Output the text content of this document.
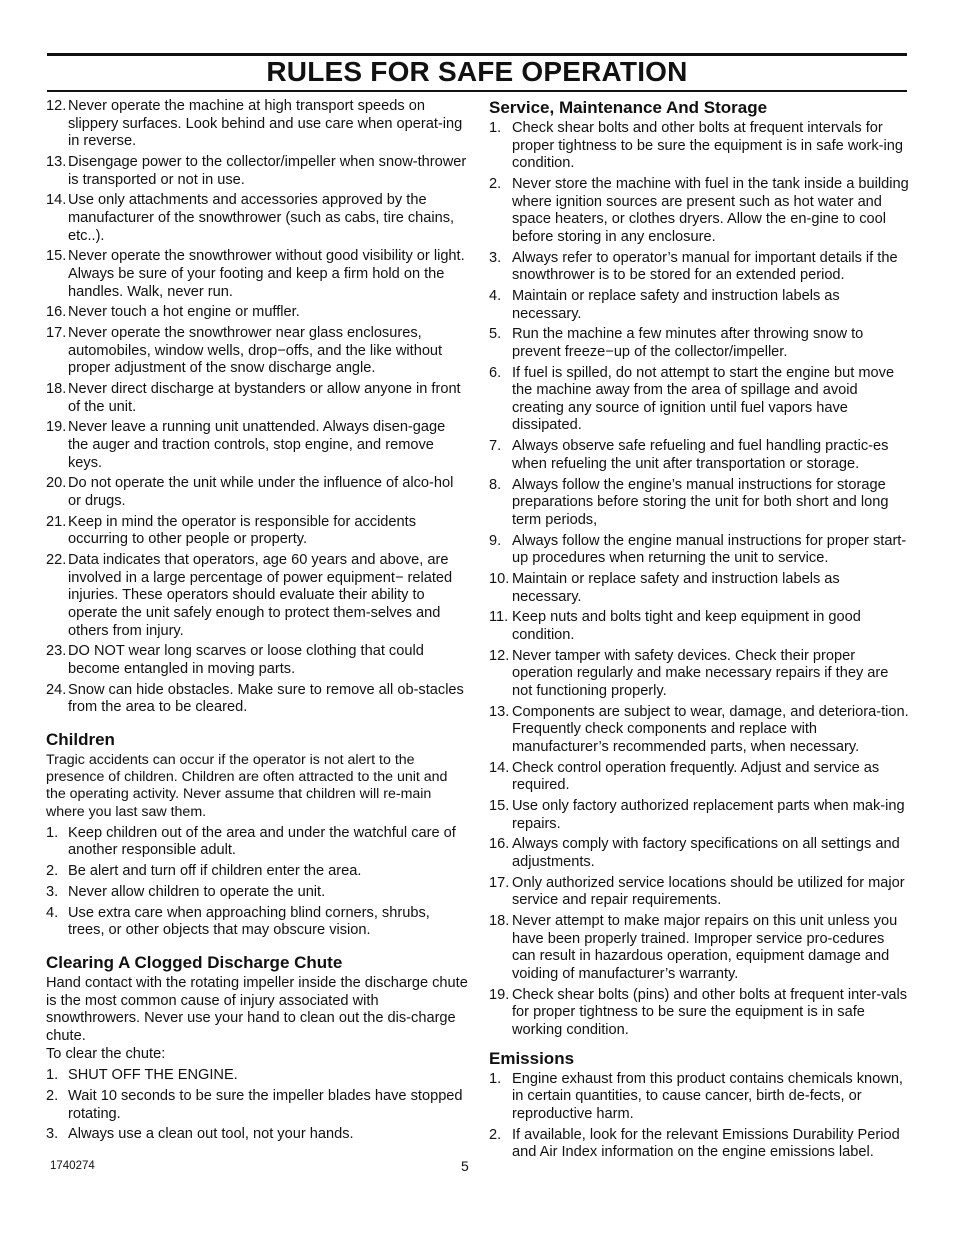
RULES FOR SAFE OPERATION
12. Never operate the machine at high transport speeds on slippery surfaces. Look behind and use care when operat-ing in reverse.
13. Disengage power to the collector/impeller when snow-thrower is transported or not in use.
14. Use only attachments and accessories approved by the manufacturer of the snowthrower (such as cabs, tire chains, etc..).
15. Never operate the snowthrower without good visibility or light. Always be sure of your footing and keep a firm hold on the handles. Walk, never run.
16. Never touch a hot engine or muffler.
17. Never operate the snowthrower near glass enclosures, automobiles, window wells, drop−offs, and the like without proper adjustment of the snow discharge angle.
18. Never direct discharge at bystanders or allow anyone in front of the unit.
19. Never leave a running unit unattended. Always disen-gage the auger and traction controls, stop engine, and remove keys.
20. Do not operate the unit while under the influence of alco-hol or drugs.
21. Keep in mind the operator is responsible for accidents occurring to other people or property.
22. Data indicates that operators, age 60 years and above, are involved in a large percentage of power equipment− related injuries. These operators should evaluate their ability to operate the unit safely enough to protect them-selves and others from injury.
23. DO NOT wear long scarves or loose clothing that could become entangled in moving parts.
24. Snow can hide obstacles. Make sure to remove all ob-stacles from the area to be cleared.
Children
Tragic accidents can occur if the operator is not alert to the presence of children. Children are often attracted to the unit and the operating activity. Never assume that children will re-main where you last saw them.
1. Keep children out of the area and under the watchful care of another responsible adult.
2. Be alert and turn off if children enter the area.
3. Never allow children to operate the unit.
4. Use extra care when approaching blind corners, shrubs, trees, or other objects that may obscure vision.
Clearing A Clogged Discharge Chute
Hand contact with the rotating impeller inside the discharge chute is the most common cause of injury associated with snowthrowers. Never use your hand to clean out the dis-charge chute.
To clear the chute:
1. SHUT OFF THE ENGINE.
2. Wait 10 seconds to be sure the impeller blades have stopped rotating.
3. Always use a clean out tool, not your hands.
Service, Maintenance And Storage
1. Check shear bolts and other bolts at frequent intervals for proper tightness to be sure the equipment is in safe work-ing condition.
2. Never store the machine with fuel in the tank inside a building where ignition sources are present such as hot water and space heaters, or clothes dryers. Allow the en-gine to cool before storing in any enclosure.
3. Always refer to operator’s manual for important details if the snowthrower is to be stored for an extended period.
4. Maintain or replace safety and instruction labels as necessary.
5. Run the machine a few minutes after throwing snow to prevent freeze−up of the collector/impeller.
6. If fuel is spilled, do not attempt to start the engine but move the machine away from the area of spillage and avoid creating any source of ignition until fuel vapors have dissipated.
7. Always observe safe refueling and fuel handling practic-es when refueling the unit after transportation or storage.
8. Always follow the engine’s manual instructions for storage preparations before storing the unit for both short and long term periods,
9. Always follow the engine manual instructions for proper start-up procedures when returning the unit to service.
10. Maintain or replace safety and instruction labels as necessary.
11. Keep nuts and bolts tight and keep equipment in good condition.
12. Never tamper with safety devices. Check their proper operation regularly and make necessary repairs if they are not functioning properly.
13. Components are subject to wear, damage, and deteriora-tion. Frequently check components and replace with manufacturer’s recommended parts, when necessary.
14. Check control operation frequently. Adjust and service as required.
15. Use only factory authorized replacement parts when mak-ing repairs.
16. Always comply with factory specifications on all settings and adjustments.
17. Only authorized service locations should be utilized for major service and repair requirements.
18. Never attempt to make major repairs on this unit unless you have been properly trained. Improper service pro-cedures can result in hazardous operation, equipment damage and voiding of manufacturer’s warranty.
19. Check shear bolts (pins) and other bolts at frequent inter-vals for proper tightness to be sure the equipment is in safe working condition.
Emissions
1. Engine exhaust from this product contains chemicals known, in certain quantities, to cause cancer, birth de-fects, or reproductive harm.
2. If available, look for the relevant Emissions Durability Period and Air Index information on the engine emissions label.
1740274	5
